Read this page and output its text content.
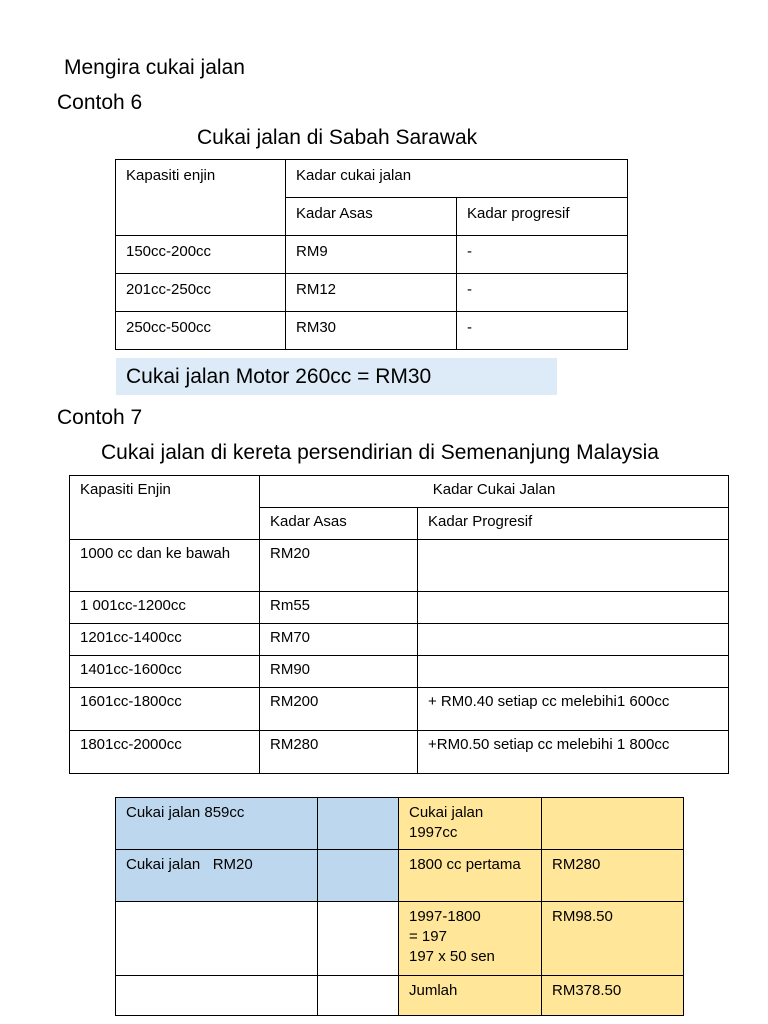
Mengira cukai jalan
Contoh 6
Cukai jalan di Sabah Sarawak
Kapasiti enjin	Kadar cukai jalan	
	Kadar Asas	Kadar progresif
150cc-200cc	RM9	-
201cc-250cc	RM12	-
250cc-500cc	RM30	-
Cukai jalan Motor 260cc = RM30
Contoh 7
Cukai jalan di kereta persendirian di Semenanjung Malaysia
Kapasiti Enjin	Kadar Cukai Jalan	
	Kadar Asas	Kadar Progresif
1000 cc dan ke bawah	RM20	
1 001cc-1200cc	Rm55	
1201cc-1400cc	RM70	
1401cc-1600cc	RM90	
1601cc-1800cc	RM200	+ RM0.40 setiap cc melebihi1 600cc
1801cc-2000cc	RM280	+RM0.50 setiap cc melebihi 1 800cc
Cukai jalan 859cc		Cukai jalan 1997cc	
Cukai jalan   RM20		1800 cc pertama	RM280

		1997-1800
= 197
197 x 50 sen	RM98.50
		Jumlah	RM378.50
